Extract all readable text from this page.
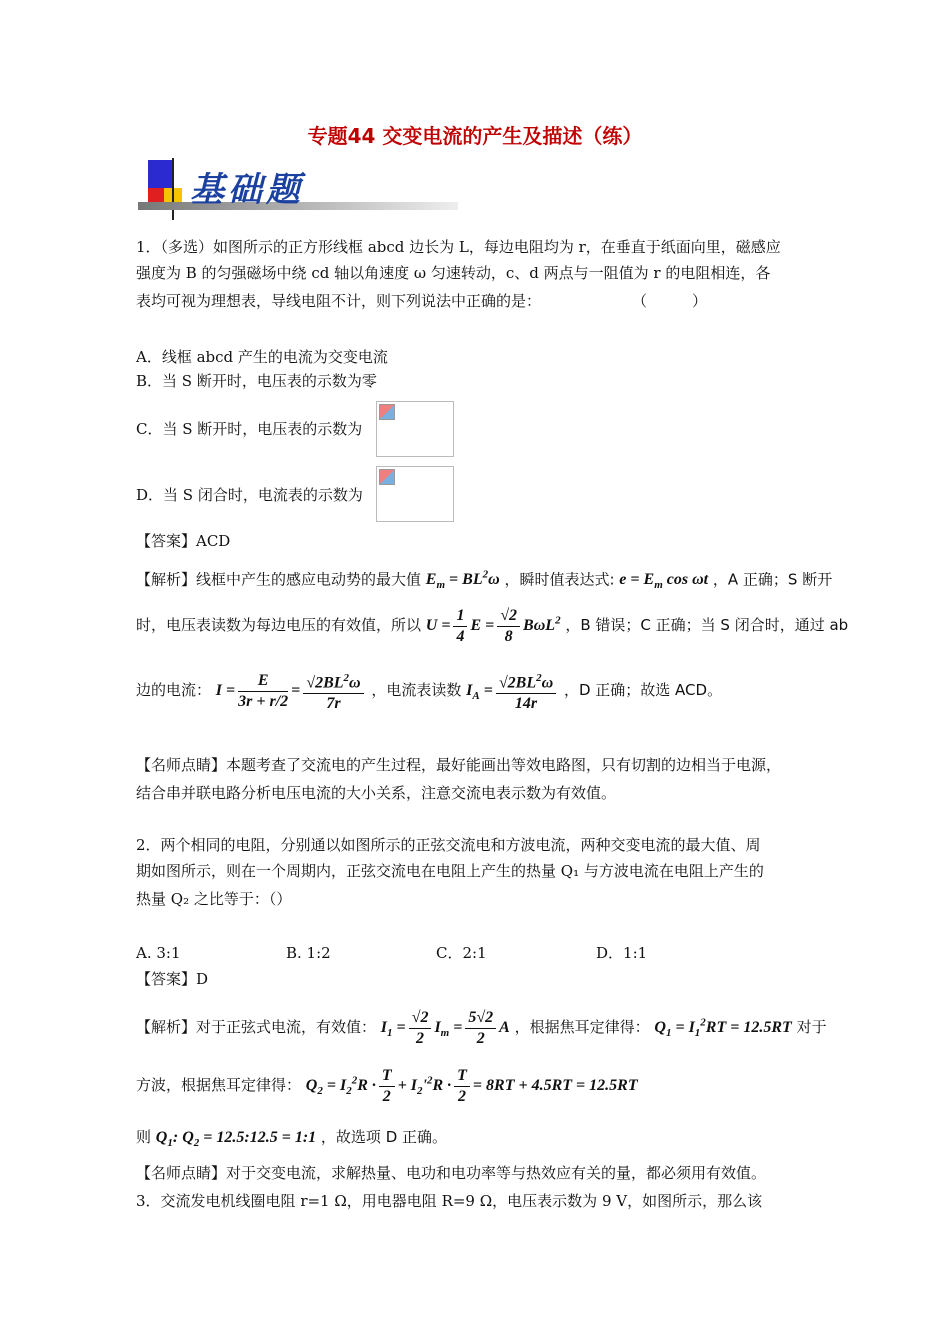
专题44 交变电流的产生及描述（练）
基础题
1．（多选）如图所示的正方形线框 abcd 边长为 L，每边电阻均为 r，在垂直于纸面向里，磁感应
强度为 B 的匀强磁场中绕 cd 轴以角速度 ω 匀速转动，c、d 两点与一阻值为 r 的电阻相连，各
表均可视为理想表，导线电阻不计，则下列说法中正确的是：	（　　　）
A．线框 abcd 产生的电流为交变电流
B．当 S 断开时，电压表的示数为零
C．当 S 断开时，电压表的示数为
D．当 S 闭合时，电流表的示数为
【答案】ACD
【解析】线框中产生的感应电动势的最大值 $E_m = BL^2\omega$ ，瞬时值表达式: $e = E_m$ cos ωt ，A 正确；S 断开
时，电压表读数为每边电压的有效值，所以 $U = \frac{1}{4}$ $E = \frac{√2}{8} B\omega L^2$ ，B 错误；C 正确；当 S 闭合时，通过 ab
边的电流： $I = \frac{E}{3r + r/2} = \frac{√2BL^2\omega}{7r}$ ，电流表读数 $I_A = \frac{√2BL^2\omega}{14r}$ ，D 正确；故选 ACD。
【名师点睛】本题考查了交流电的产生过程，最好能画出等效电路图，只有切割的边相当于电源，
结合串并联电路分析电压电流的大小关系，注意交流电表示数为有效值。
2．两个相同的电阻，分别通以如图所示的正弦交流电和方波电流，两种交变电流的最大值、周
期如图所示，则在一个周期内，正弦交流电在电阻上产生的热量 Q₁ 与方波电流在电阻上产生的
热量 Q₂ 之比等于：（）
A. 3:1	B. 1:2	C．2:1	D．1:1
【答案】D
【解析】对于正弦式电流，有效值： $I_1 = \frac{√2}{2} I_m = \frac{5√2}{2}$ A ，根据焦耳定律得： $Q_1 = I_1^2RT = 12.5RT$ 对于
方波，根据焦耳定律得： $Q_2 = I_2^2R \cdot \frac{T}{2} + I_2'^2R \cdot \frac{T}{2} = 8RT + 4.5RT = 12.5RT$
则 $Q_1$: $Q_2$ = 12.5:12.5 = 1:1 ，故选项 D 正确。
【名师点睛】对于交变电流，求解热量、电功和电功率等与热效应有关的量，都必须用有效值。
3．交流发电机线圈电阻 r=1 Ω，用电器电阻 R=9 Ω，电压表示数为 9 V，如图所示，那么该
